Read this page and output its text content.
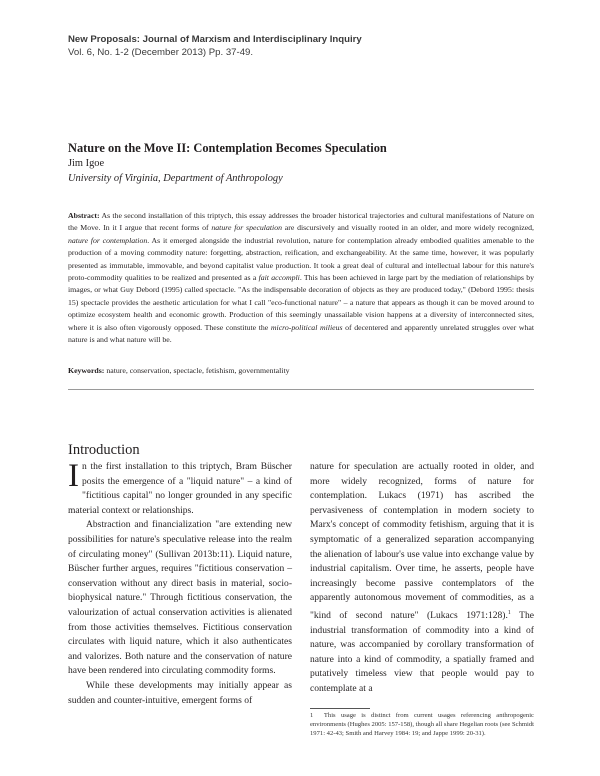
New Proposals: Journal of Marxism and Interdisciplinary Inquiry
Vol. 6, No. 1-2 (December 2013) Pp. 37-49.
Nature on the Move II: Contemplation Becomes Speculation
Jim Igoe
University of Virginia, Department of Anthropology
Abstract: As the second installation of this triptych, this essay addresses the broader historical trajectories and cultural manifestations of Nature on the Move. In it I argue that recent forms of nature for speculation are discursively and visually rooted in an older, and more widely recognized, nature for contemplation. As it emerged alongside the industrial revolution, nature for contemplation already embodied qualities amenable to the production of a moving commodity nature: forgetting, abstraction, reification, and exchangeability. At the same time, however, it was popularly presented as immutable, immovable, and beyond capitalist value production. It took a great deal of cultural and intellectual labour for this nature's proto-commodity qualities to be realized and presented as a fait accompli. This has been achieved in large part by the mediation of relationships by images, or what Guy Debord (1995) called spectacle. "As the indispensable decoration of objects as they are produced today," (Debord 1995: thesis 15) spectacle provides the aesthetic articulation for what I call "eco-functional nature" – a nature that appears as though it can be moved around to optimize ecosystem health and economic growth. Production of this seemingly unassailable vision happens at a diversity of interconnected sites, where it is also often vigorously opposed. These constitute the micro-political milieus of decentered and apparently unrelated struggles over what nature is and what nature will be.
Keywords: nature, conservation, spectacle, fetishism, governmentality
Introduction

In the first installation to this triptych, Bram Büscher posits the emergence of a "liquid nature" – a kind of "fictitious capital" no longer grounded in any specific material context or relationships.

Abstraction and financialization "are extending new possibilities for nature's speculative release into the realm of circulating money" (Sullivan 2013b:11). Liquid nature, Büscher further argues, requires "fictitious conservation – conservation without any direct basis in material, socio-biophysical nature." Through fictitious conservation, the valourization of actual conservation activities is alienated from those activities themselves. Fictitious conservation circulates with liquid nature, which it also authenticates and valorizes. Both nature and the conservation of nature have been rendered into circulating commodity forms.

While these developments may initially appear as sudden and counter-intuitive, emergent forms of

nature for speculation are actually rooted in older, and more widely recognized, forms of nature for contemplation. Lukacs (1971) has ascribed the pervasiveness of contemplation in modern society to Marx's concept of commodity fetishism, arguing that it is symptomatic of a generalized separation accompanying the alienation of labour's use value into exchange value by industrial capitalism. Over time, he asserts, people have increasingly become passive contemplators of the apparently autonomous movement of commodities, as a "kind of second nature" (Lukacs 1971:128).$^1$ The industrial transformation of commodity into a kind of nature, was accompanied by corollary transformation of nature into a kind of commodity, a spatially framed and putatively timeless view that people would pay to contemplate at a

1 This usage is distinct from current usages referencing anthropogenic environments (Hughes 2005: 157-158), though all share Hegelian roots (see Schmidt 1971: 42-43; Smith and Harvey 1984: 19; and Jappe 1999: 20-31).
